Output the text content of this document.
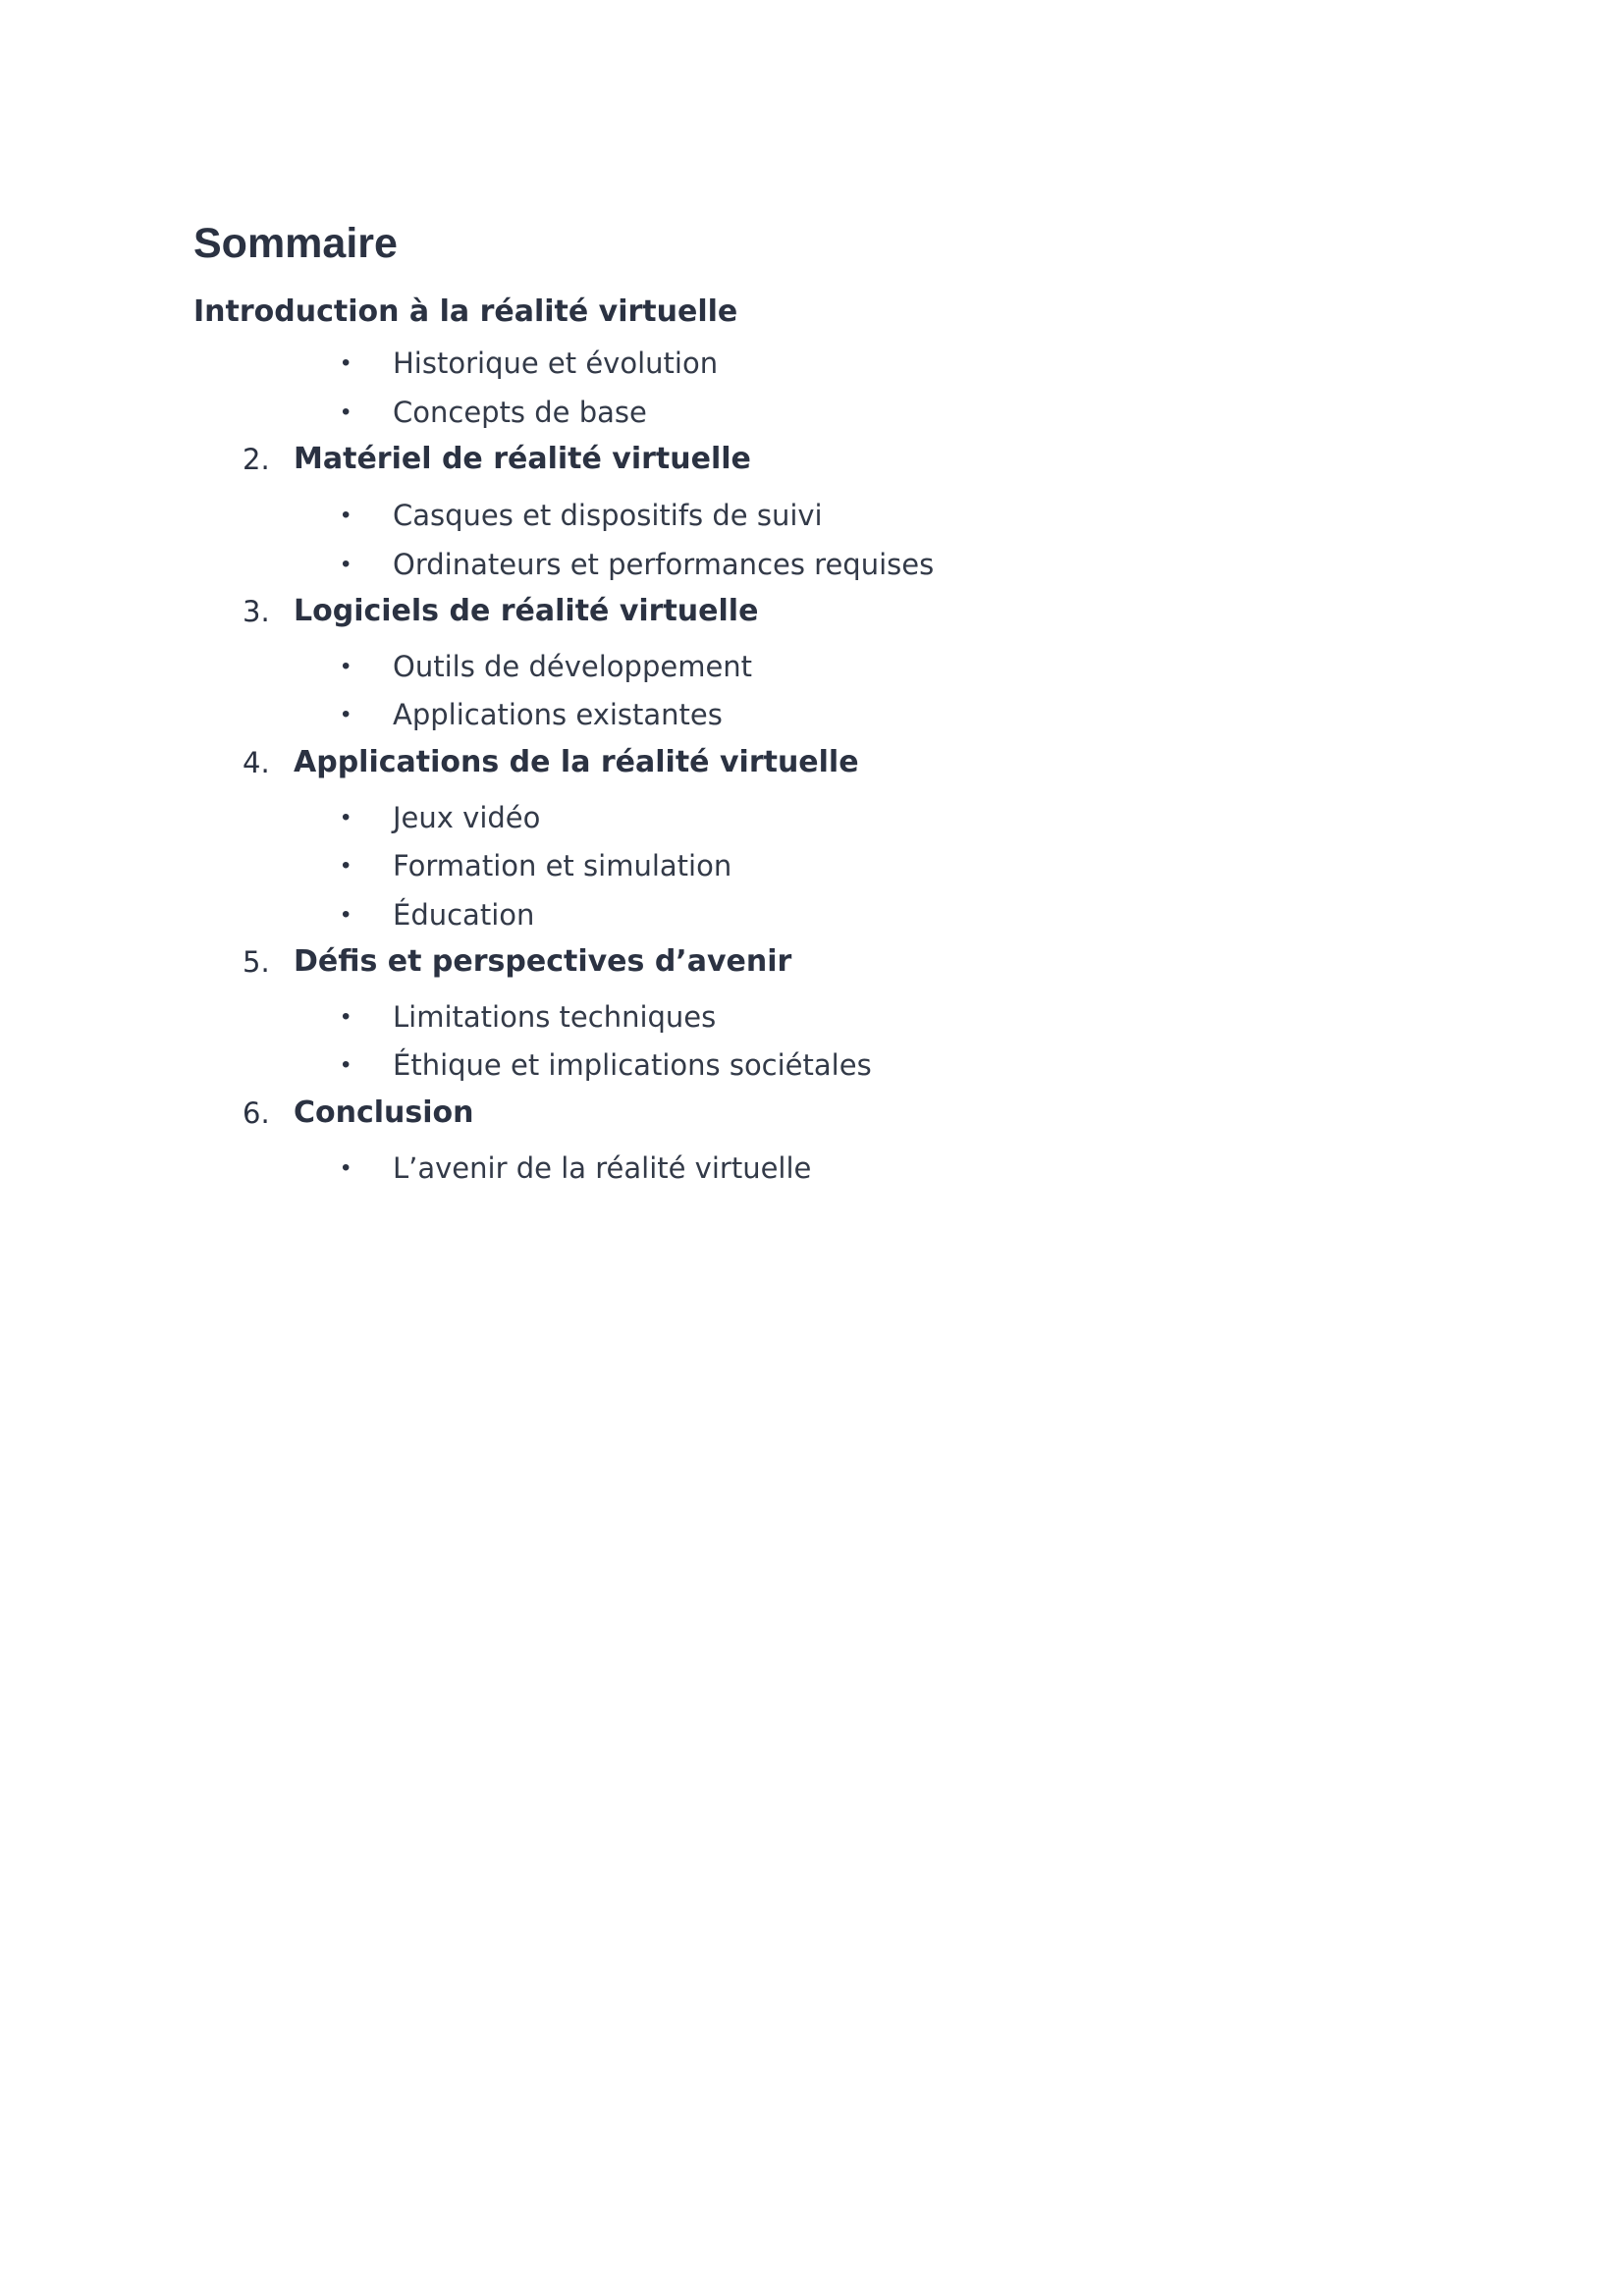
Sommaire
Introduction à la réalité virtuelle
•	Historique et évolution
•	Concepts de base
2. Matériel de réalité virtuelle
•	Casques et dispositifs de suivi
•	Ordinateurs et performances requises
3. Logiciels de réalité virtuelle
•	Outils de développement
•	Applications existantes
4. Applications de la réalité virtuelle
•	Jeux vidéo
•	Formation et simulation
•	Éducation
5. Défis et perspectives d’avenir
•	Limitations techniques
•	Éthique et implications sociétales
6. Conclusion
•	L’avenir de la réalité virtuelle
